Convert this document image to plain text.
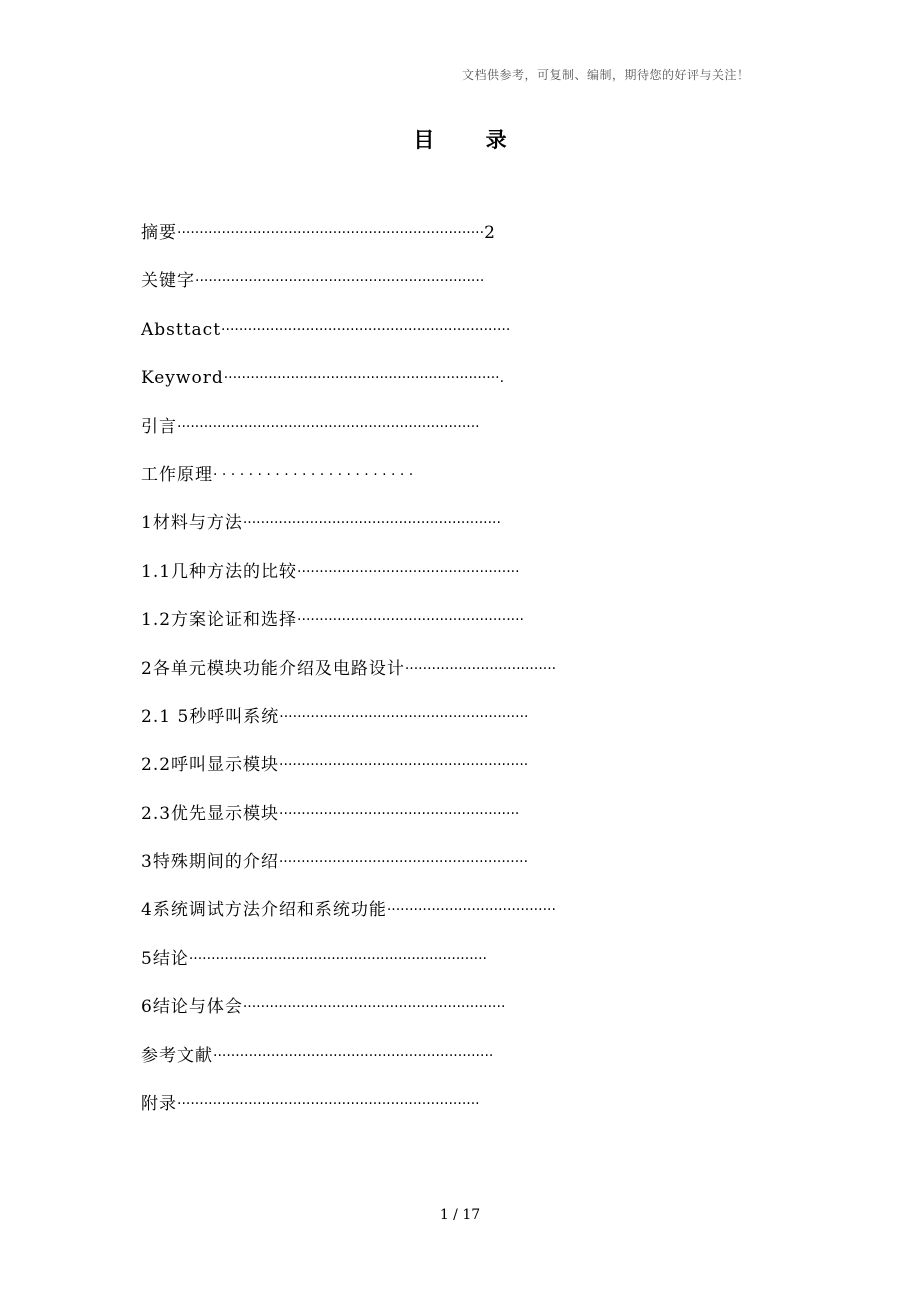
文档供参考，可复制、编制，期待您的好评与关注！
目 录
摘要·····································································2
关键字·································································
Absttact·································································
Keyword······························································.
引言····································································
工作原理· · · · · · · · · · · · · · · · · · · · · · ·
1材料与方法··························································
1.1几种方法的比较··················································
1.2方案论证和选择···················································
2各单元模块功能介绍及电路设计··································
2.1 5秒呼叫系统························································
2.2呼叫显示模块························································
2.3优先显示模块······················································
3特殊期间的介绍························································
4系统调试方法介绍和系统功能······································
5结论···································································
6结论与体会···························································
参考文献·······························································
附录····································································
1 / 17
